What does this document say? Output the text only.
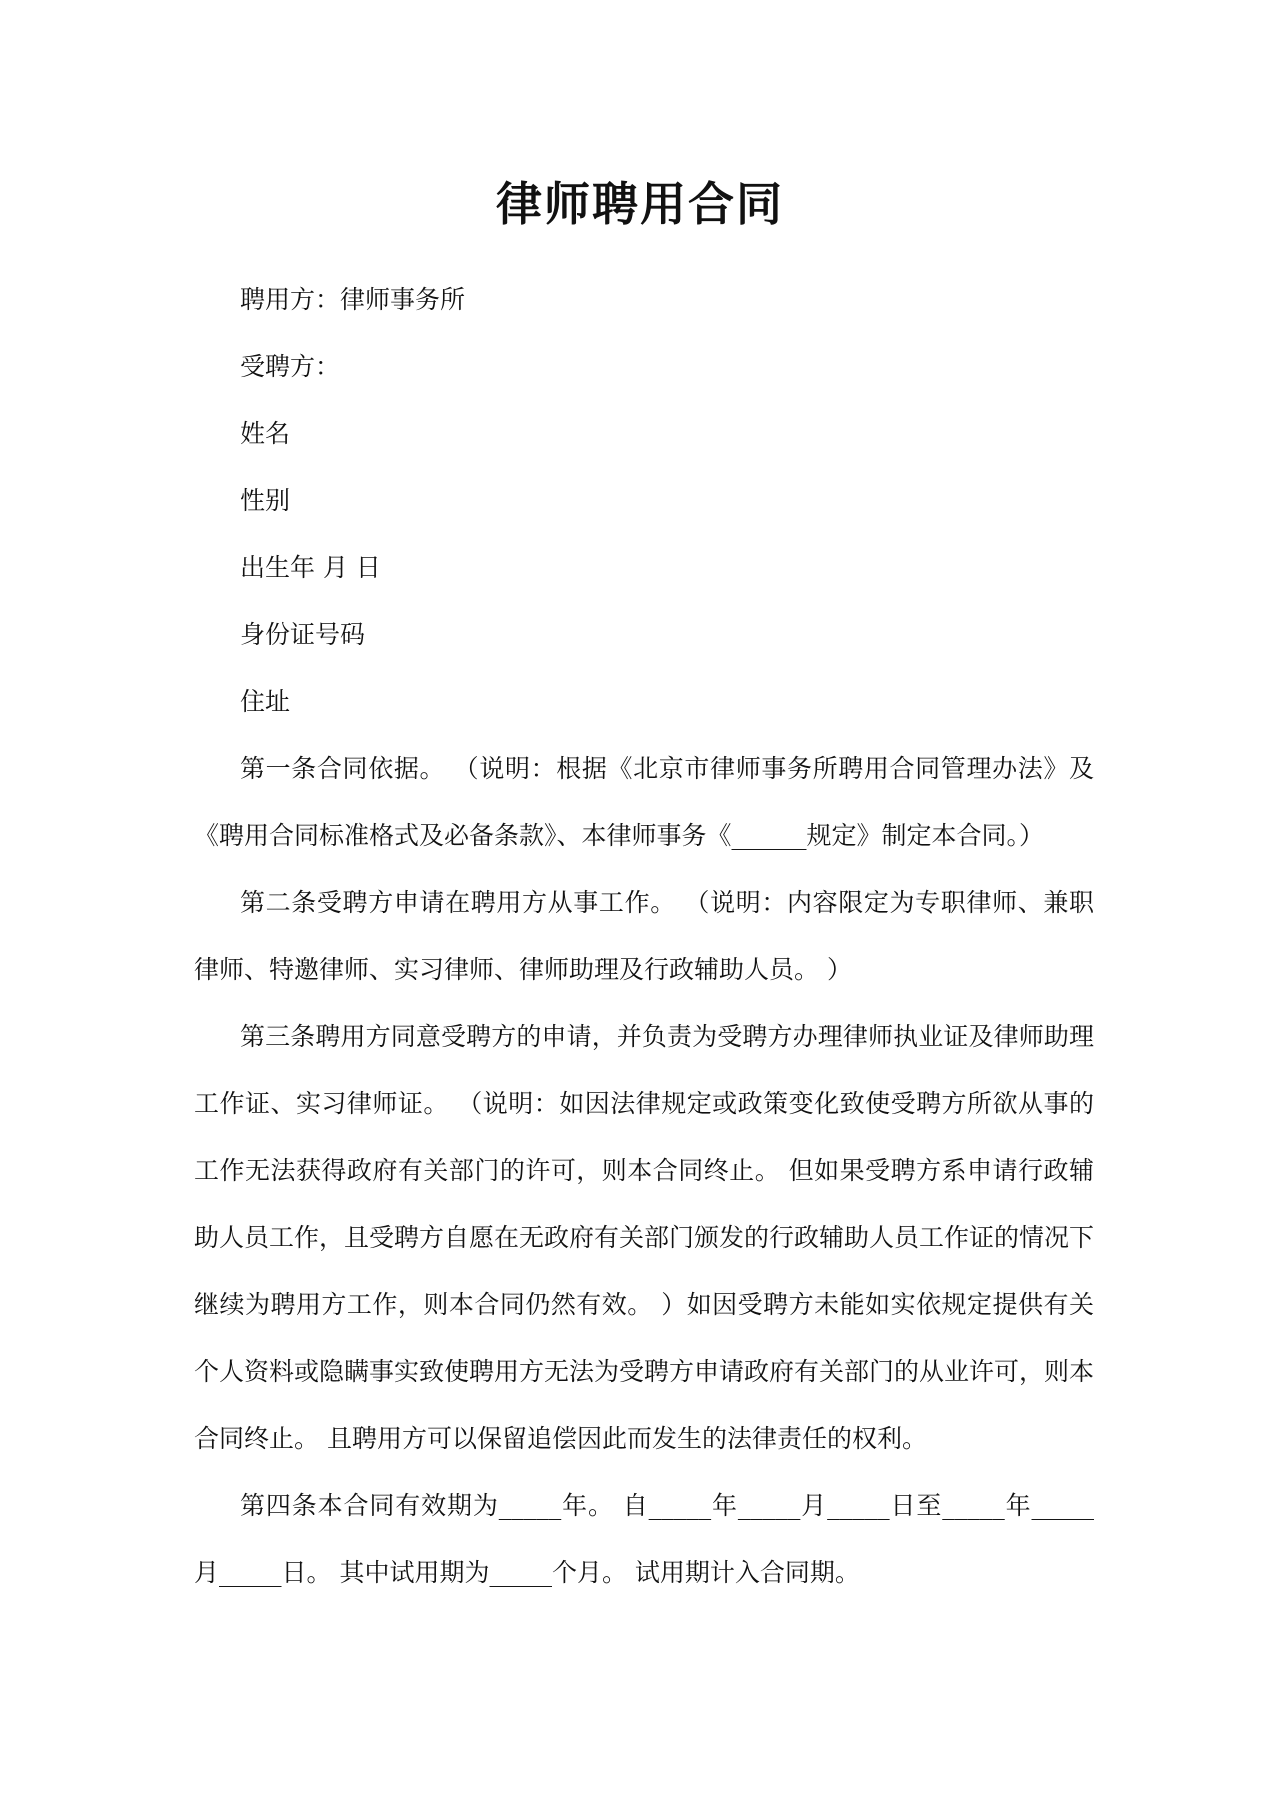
律师聘用合同

聘用方：律师事务所

受聘方：

姓名

性别

出生年 月 日

身份证号码

住址

第一条合同依据。 （说明：根据《北京市律师事务所聘用合同管理办法》及《聘用合同标准格式及必备条款》、本律师事务《______规定》制定本合同。）

第二条受聘方申请在聘用方从事工作。 （说明：内容限定为专职律师、兼职律师、特邀律师、实习律师、律师助理及行政辅助人员。 ）

第三条聘用方同意受聘方的申请，并负责为受聘方办理律师执业证及律师助理工作证、实习律师证。 （说明：如因法律规定或政策变化致使受聘方所欲从事的工作无法获得政府有关部门的许可，则本合同终止。 但如果受聘方系申请行政辅助人员工作，且受聘方自愿在无政府有关部门颁发的行政辅助人员工作证的情况下继续为聘用方工作，则本合同仍然有效。 ）如因受聘方未能如实依规定提供有关个人资料或隐瞒事实致使聘用方无法为受聘方申请政府有关部门的从业许可，则本合同终止。 且聘用方可以保留追偿因此而发生的法律责任的权利。

第四条本合同有效期为_____年。 自_____年_____月_____日至_____年_____月_____日。 其中试用期为_____个月。 试用期计入合同期。
